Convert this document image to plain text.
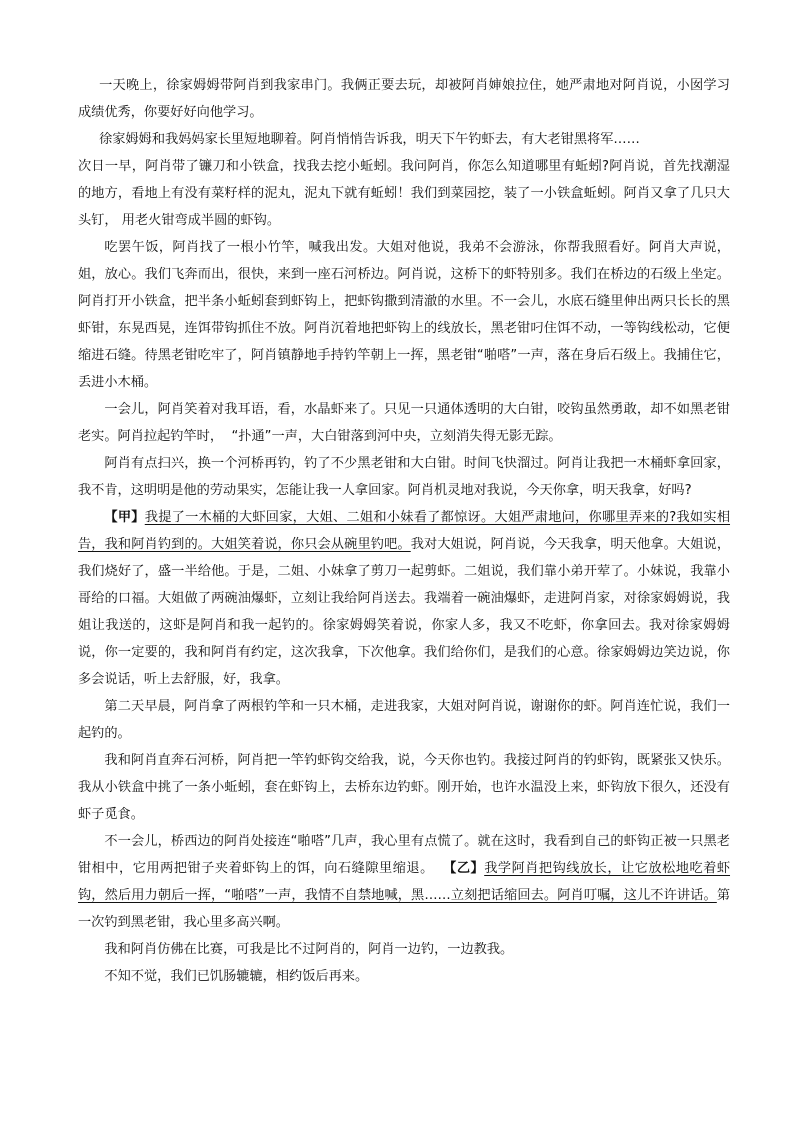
一天晚上，徐家姆姆带阿肖到我家串门。我俩正要去玩，却被阿肖婶娘拉住，她严肃地对阿肖说，小囡学习成绩优秀，你要好好向他学习。

徐家姆姆和我妈妈家长里短地聊着。阿肖悄悄告诉我，明天下午钓虾去，有大老钳黑将军……

次日一早，阿肖带了镰刀和小铁盒，找我去挖小蚯蚓。我问阿肖，你怎么知道哪里有蚯蚓?阿肖说，首先找潮湿的地方，看地上有没有菜籽样的泥丸，泥丸下就有蚯蚓！我们到菜园挖，装了一小铁盒蚯蚓。阿肖又拿了几只大头钉， 用老火钳弯成半圆的虾钩。

吃罢午饭，阿肖找了一根小竹竿，喊我出发。大姐对他说，我弟不会游泳，你帮我照看好。阿肖大声说，姐，放心。我们飞奔而出，很快，来到一座石河桥边。阿肖说，这桥下的虾特别多。我们在桥边的石级上坐定。阿肖打开小铁盒，把半条小蚯蚓套到虾钩上，把虾钩撒到清澈的水里。不一会儿，水底石缝里伸出两只长长的黑虾钳，东晃西晃，连饵带钩抓住不放。阿肖沉着地把虾钩上的线放长，黑老钳叼住饵不动，一等钩线松动，它便缩进石缝。待黑老钳吃牢了，阿肖镇静地手持钓竿朝上一挥，黑老钳“啪嗒”一声，落在身后石级上。我捕住它，丢进小木桶。

一会儿，阿肖笑着对我耳语，看，水晶虾来了。只见一只通体透明的大白钳，咬钩虽然勇敢，却不如黑老钳老实。阿肖拉起钓竿时，  “扑通”一声，大白钳落到河中央，立刻消失得无影无踪。

阿肖有点扫兴，换一个河桥再钓，钓了不少黑老钳和大白钳。时间飞快溜过。阿肖让我把一木桶虾拿回家，我不肯，这明明是他的劳动果实，怎能让我一人拿回家。阿肖机灵地对我说，今天你拿，明天我拿，好吗?

【甲】我提了一木桶的大虾回家，大姐、二姐和小妹看了都惊讶。大姐严肃地问，你哪里弄来的?我如实相告，我和阿肖钓到的。大姐笑着说，你只会从碗里钓吧。我对大姐说，阿肖说，今天我拿，明天他拿。大姐说，我们烧好了，盛一半给他。于是，二姐、小妹拿了剪刀一起剪虾。二姐说，我们靠小弟开荤了。小妹说，我靠小哥给的口福。大姐做了两碗油爆虾，立刻让我给阿肖送去。我端着一碗油爆虾，走进阿肖家，对徐家姆姆说，我姐让我送的，这虾是阿肖和我一起钓的。徐家姆姆笑着说，你家人多，我又不吃虾，你拿回去。我对徐家姆姆说，你一定要的，我和阿肖有约定，这次我拿，下次他拿。我们给你们，是我们的心意。徐家姆姆边笑边说，你多会说话，听上去舒服，好，我拿。

第二天早晨，阿肖拿了两根钓竿和一只木桶，走进我家，大姐对阿肖说，谢谢你的虾。阿肖连忙说，我们一起钓的。

我和阿肖直奔石河桥，阿肖把一竿钓虾钩交给我，说，今天你也钓。我接过阿肖的钓虾钩，既紧张又快乐。我从小铁盒中挑了一条小蚯蚓，套在虾钩上，去桥东边钓虾。刚开始，也许水温没上来，虾钩放下很久，还没有虾子觅食。

不一会儿，桥西边的阿肖处接连“啪嗒”几声，我心里有点慌了。就在这时，我看到自己的虾钩正被一只黑老钳相中，它用两把钳子夹着虾钩上的饵，向石缝隙里缩退。  【乙】我学阿肖把钩线放长，让它放松地吃着虾钩，然后用力朝后一挥，“啪嗒”一声，我情不自禁地喊，黑……立刻把话缩回去。阿肖叮嘱，这儿不许讲话。第一次钓到黑老钳，我心里多高兴啊。

我和阿肖仿佛在比赛，可我是比不过阿肖的，阿肖一边钓，一边教我。

不知不觉，我们已饥肠辘辘，相约饭后再来。
